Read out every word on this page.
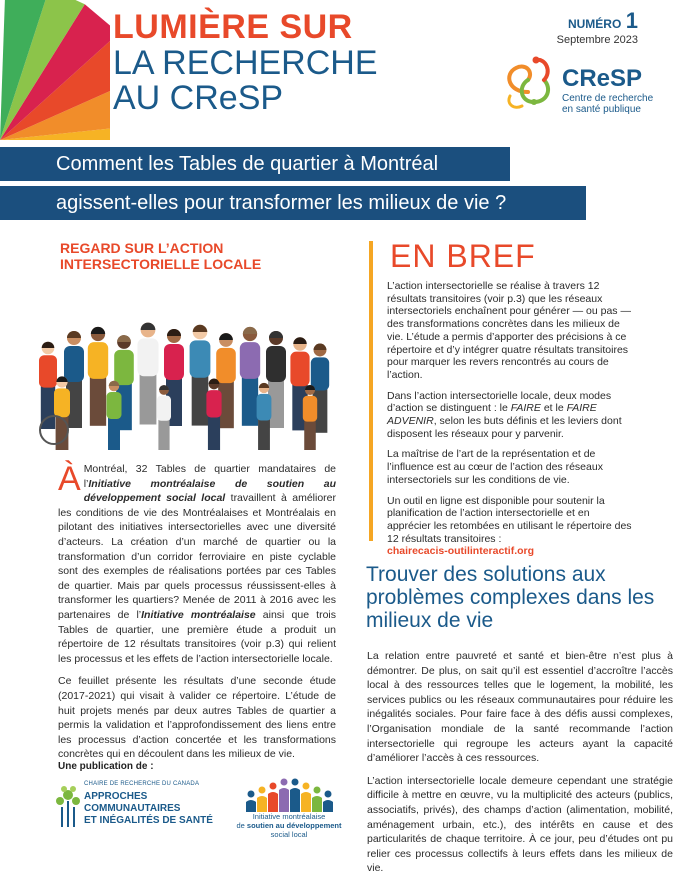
LUMIÈRE SUR
LA RECHERCHE
AU CReSP
NUMÉRO 1
Septembre 2023
CReSP
Centre de recherche
en santé publique
Comment les Tables de quartier à Montréal
agissent-elles pour transformer les milieux de vie ?
REGARD SUR L’ACTION
INTERSECTORIELLE LOCALE

À Montréal, 32 Tables de quartier mandataires de l’Initiative montréalaise de soutien au développement social local travaillent à améliorer les conditions de vie des Montréalaises et Montréalais en pilotant des initiatives intersectorielles avec une diversité d’acteurs. La création d’un marché de quartier ou la transformation d’un corridor ferroviaire en piste cyclable sont des exemples de réalisations portées par ces Tables de quartier. Mais par quels processus réussissent-elles à transformer les quartiers? Menée de 2011 à 2016 avec les partenaires de l’Initiative montréalaise ainsi que trois Tables de quartier, une première étude a produit un répertoire de 12 résultats transitoires (voir p.3) qui relient les processus et les effets de l’action intersectorielle locale.

Ce feuillet présente les résultats d’une seconde étude (2017-2021) qui visait à valider ce répertoire. L’étude de huit projets menés par deux autres Tables de quartier a permis la validation et l’approfondissement des liens entre les processus d’action concertée et les transformations concrètes qui en découlent dans les milieux de vie.

Une publication de :
CHAIRE DE RECHERCHE DU CANADA
APPROCHES COMMUNAUTAIRES
ET INÉGALITÉS DE SANTÉ	Initiative montréalaise
de soutien au développement
social local
EN BREF

L’action intersectorielle se réalise à travers 12 résultats transitoires (voir p.3) que les réseaux intersectoriels enchaînent pour générer — ou pas — des transformations concrètes dans les milieux de vie. L’étude a permis d’apporter des précisions à ce répertoire et d’y intégrer quatre résultats transitoires pour marquer les revers rencontrés au cours de l’action.

Dans l’action intersectorielle locale, deux modes d’action se distinguent : le FAIRE et le FAIRE ADVENIR, selon les buts définis et les leviers dont disposent les réseaux pour y parvenir.

La maîtrise de l’art de la représentation et de l’influence est au cœur de l’action des réseaux intersectoriels sur les conditions de vie.

Un outil en ligne est disponible pour soutenir la planification de l’action intersectorielle et en apprécier les retombées en utilisant le répertoire des 12 résultats transitoires :
chairecacis-outilinteractif.org

Trouver des solutions aux problèmes complexes dans les milieux de vie

La relation entre pauvreté et santé et bien-être n’est plus à démontrer. De plus, on sait qu’il est essentiel d’accroître l’accès local à des ressources telles que le logement, la mobilité, les services publics ou les réseaux communautaires pour réduire les inégalités sociales. Pour faire face à des défis aussi complexes, l’Organisation mondiale de la santé recommande l’action intersectorielle qui regroupe les acteurs ayant la capacité d’améliorer l’accès à ces ressources.

L’action intersectorielle locale demeure cependant une stratégie difficile à mettre en œuvre, vu la multiplicité des acteurs (publics, associatifs, privés), des champs d’action (alimentation, mobilité, aménagement urbain, etc.), des intérêts en cause et des particularités de chaque territoire. À ce jour, peu d’études ont pu relier ces processus collectifs à leurs effets dans les milieux de vie.
